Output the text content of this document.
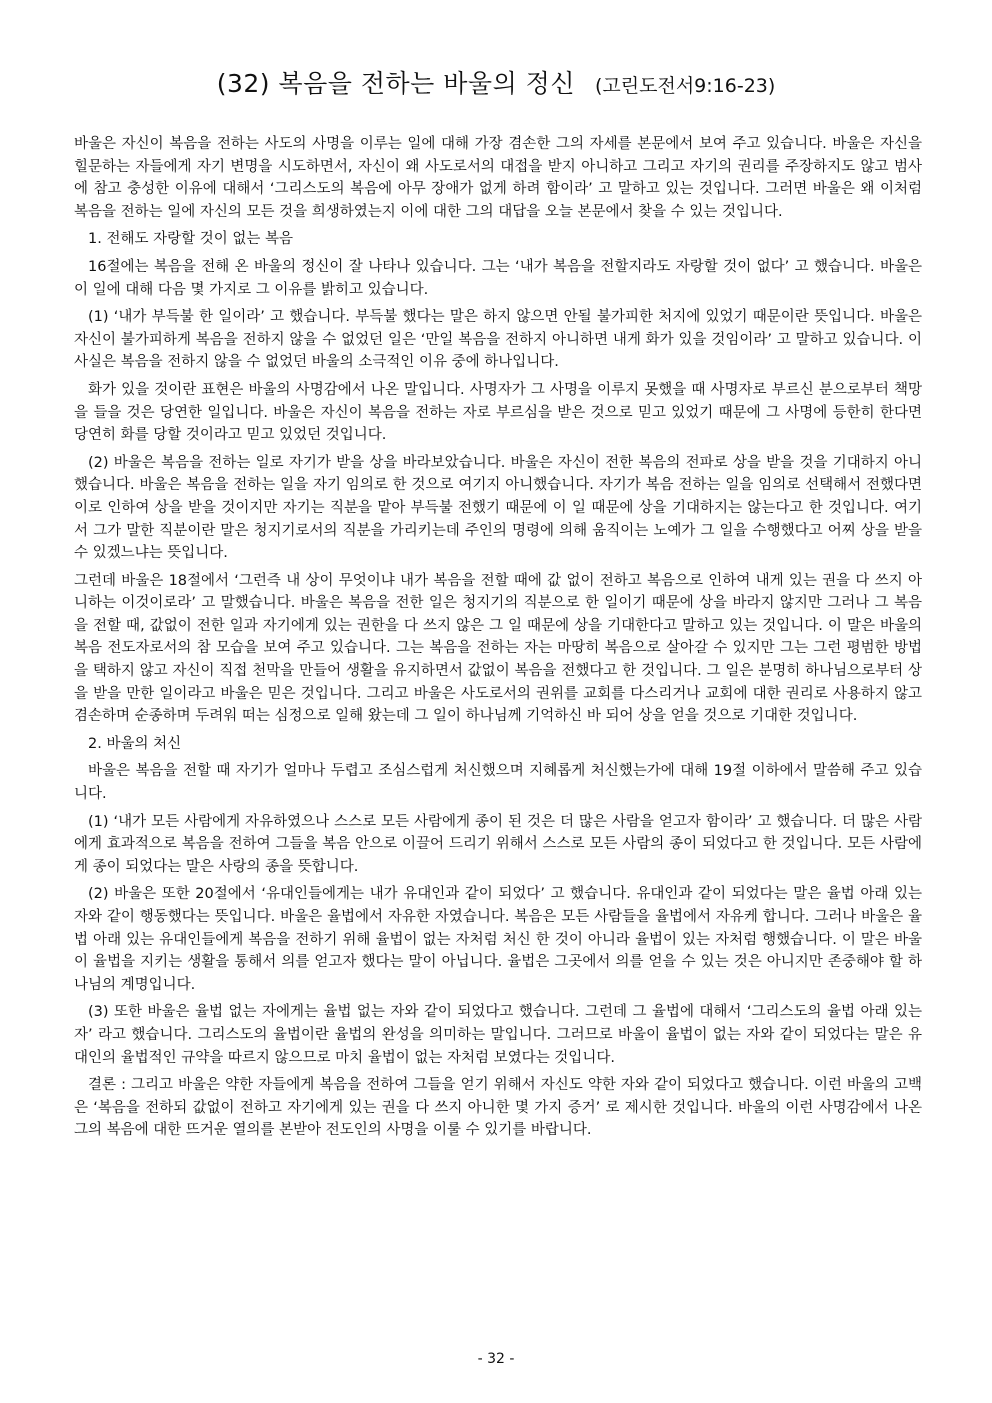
(32) 복음을 전하는 바울의 정신 (고린도전서9:16-23)

바울은 자신이 복음을 전하는 사도의 사명을 이루는 일에 대해 가장 겸손한 그의 자세를 본문에서 보여 주고 있습니다. 바울은 자신을 힐문하는 자들에게 자기 변명을 시도하면서, 자신이 왜 사도로서의 대접을 받지 아니하고 그리고 자기의 권리를 주장하지도 않고 범사에 참고 충성한 이유에 대해서 ‘그리스도의 복음에 아무 장애가 없게 하려 함이라’ 고 말하고 있는 것입니다. 그러면 바울은 왜 이처럼 복음을 전하는 일에 자신의 모든 것을 희생하였는지 이에 대한 그의 대답을 오늘 본문에서 찾을 수 있는 것입니다.

1. 전해도 자랑할 것이 없는 복음

16절에는 복음을 전해 온 바울의 정신이 잘 나타나 있습니다. 그는 ‘내가 복음을 전할지라도 자랑할 것이 없다’ 고 했습니다. 바울은 이 일에 대해 다음 몇 가지로 그 이유를 밝히고 있습니다.

(1) ‘내가 부득불 한 일이라’ 고 했습니다. 부득불 했다는 말은 하지 않으면 안될 불가피한 처지에 있었기 때문이란 뜻입니다. 바울은 자신이 불가피하게 복음을 전하지 않을 수 없었던 일은 ‘만일 복음을 전하지 아니하면 내게 화가 있을 것임이라’ 고 말하고 있습니다. 이 사실은 복음을 전하지 않을 수 없었던 바울의 소극적인 이유 중에 하나입니다.

화가 있을 것이란 표현은 바울의 사명감에서 나온 말입니다. 사명자가 그 사명을 이루지 못했을 때 사명자로 부르신 분으로부터 책망을 들을 것은 당연한 일입니다. 바울은 자신이 복음을 전하는 자로 부르심을 받은 것으로 믿고 있었기 때문에 그 사명에 등한히 한다면 당연히 화를 당할 것이라고 믿고 있었던 것입니다.

(2) 바울은 복음을 전하는 일로 자기가 받을 상을 바라보았습니다. 바울은 자신이 전한 복음의 전파로 상을 받을 것을 기대하지 아니했습니다. 바울은 복음을 전하는 일을 자기 임의로 한 것으로 여기지 아니했습니다. 자기가 복음 전하는 일을 임의로 선택해서 전했다면 이로 인하여 상을 받을 것이지만 자기는 직분을 맡아 부득불 전했기 때문에 이 일 때문에 상을 기대하지는 않는다고 한 것입니다. 여기서 그가 말한 직분이란 말은 청지기로서의 직분을 가리키는데 주인의 명령에 의해 움직이는 노예가 그 일을 수행했다고 어찌 상을 받을 수 있겠느냐는 뜻입니다.

그런데 바울은 18절에서 ‘그런즉 내 상이 무엇이냐 내가 복음을 전할 때에 값 없이 전하고 복음으로 인하여 내게 있는 권을 다 쓰지 아니하는 이것이로라’ 고 말했습니다. 바울은 복음을 전한 일은 청지기의 직분으로 한 일이기 때문에 상을 바라지 않지만 그러나 그 복음을 전할 때, 값없이 전한 일과 자기에게 있는 권한을 다 쓰지 않은 그 일 때문에 상을 기대한다고 말하고 있는 것입니다. 이 말은 바울의 복음 전도자로서의 참 모습을 보여 주고 있습니다. 그는 복음을 전하는 자는 마땅히 복음으로 살아갈 수 있지만 그는 그런 평범한 방법을 택하지 않고 자신이 직접 천막을 만들어 생활을 유지하면서 값없이 복음을 전했다고 한 것입니다. 그 일은 분명히 하나님으로부터 상을 받을 만한 일이라고 바울은 믿은 것입니다. 그리고 바울은 사도로서의 권위를 교회를 다스리거나 교회에 대한 권리로 사용하지 않고 겸손하며 순종하며 두려워 떠는 심정으로 일해 왔는데 그 일이 하나님께 기억하신 바 되어 상을 얻을 것으로 기대한 것입니다.

2. 바울의 처신

바울은 복음을 전할 때 자기가 얼마나 두렵고 조심스럽게 처신했으며 지혜롭게 처신했는가에 대해 19절 이하에서 말씀해 주고 있습니다.

(1) ‘내가 모든 사람에게 자유하였으나 스스로 모든 사람에게 종이 된 것은 더 많은 사람을 얻고자 함이라’ 고 했습니다. 더 많은 사람에게 효과적으로 복음을 전하여 그들을 복음 안으로 이끌어 드리기 위해서 스스로 모든 사람의 종이 되었다고 한 것입니다. 모든 사람에게 종이 되었다는 말은 사랑의 종을 뜻합니다.

(2) 바울은 또한 20절에서 ‘유대인들에게는 내가 유대인과 같이 되었다’ 고 했습니다. 유대인과 같이 되었다는 말은 율법 아래 있는 자와 같이 행동했다는 뜻입니다. 바울은 율법에서 자유한 자였습니다. 복음은 모든 사람들을 율법에서 자유케 합니다. 그러나 바울은 율법 아래 있는 유대인들에게 복음을 전하기 위해 율법이 없는 자처럼 처신 한 것이 아니라 율법이 있는 자처럼 행했습니다. 이 말은 바울이 율법을 지키는 생활을 통해서 의를 얻고자 했다는 말이 아닙니다. 율법은 그곳에서 의를 얻을 수 있는 것은 아니지만 존중해야 할 하나님의 계명입니다.

(3) 또한 바울은 율법 없는 자에게는 율법 없는 자와 같이 되었다고 했습니다. 그런데 그 율법에 대해서 ‘그리스도의 율법 아래 있는 자’ 라고 했습니다. 그리스도의 율법이란 율법의 완성을 의미하는 말입니다. 그러므로 바울이 율법이 없는 자와 같이 되었다는 말은 유대인의 율법적인 규약을 따르지 않으므로 마치 율법이 없는 자처럼 보였다는 것입니다.

결론 : 그리고 바울은 약한 자들에게 복음을 전하여 그들을 얻기 위해서 자신도 약한 자와 같이 되었다고 했습니다. 이런 바울의 고백은 ‘복음을 전하되 값없이 전하고 자기에게 있는 권을 다 쓰지 아니한 몇 가지 증거’ 로 제시한 것입니다. 바울의 이런 사명감에서 나온 그의 복음에 대한 뜨거운 열의를 본받아 전도인의 사명을 이룰 수 있기를 바랍니다.

- 32 -
